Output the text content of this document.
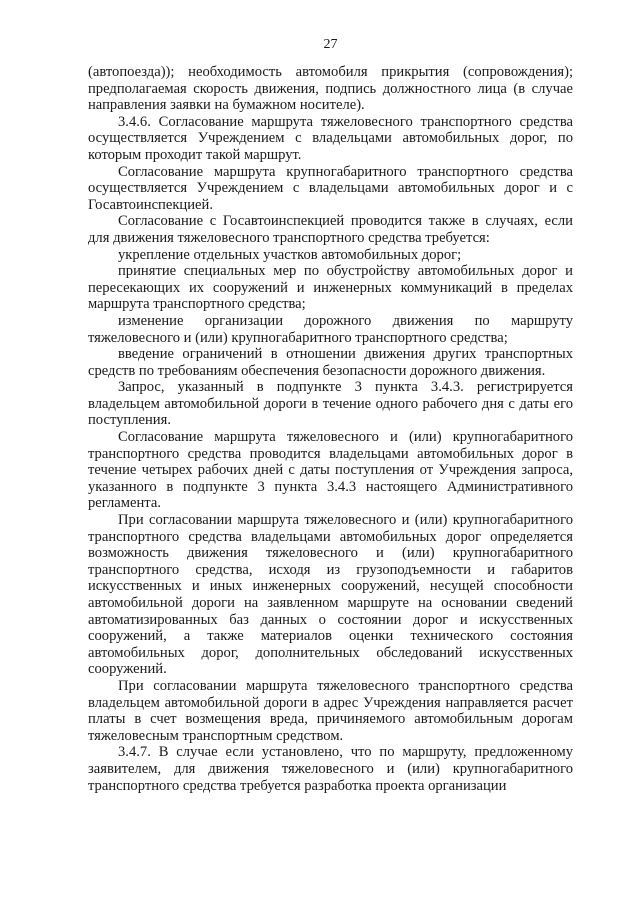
27

(автопоезда)); необходимость автомобиля прикрытия (сопровождения); предполагаемая скорость движения, подпись должностного лица (в случае направления заявки на бумажном носителе).

3.4.6. Согласование маршрута тяжеловесного транспортного средства осуществляется Учреждением с владельцами автомобильных дорог, по которым проходит такой маршрут.

Согласование маршрута крупногабаритного транспортного средства осуществляется Учреждением с владельцами автомобильных дорог и с Госавтоинспекцией.

Согласование с Госавтоинспекцией проводится также в случаях, если для движения тяжеловесного транспортного средства требуется:

укрепление отдельных участков автомобильных дорог;

принятие специальных мер по обустройству автомобильных дорог и пересекающих их сооружений и инженерных коммуникаций в пределах маршрута транспортного средства;

изменение организации дорожного движения по маршруту тяжеловесного и (или) крупногабаритного транспортного средства;

введение ограничений в отношении движения других транспортных средств по требованиям обеспечения безопасности дорожного движения.

Запрос, указанный в подпункте 3 пункта 3.4.3. регистрируется владельцем автомобильной дороги в течение одного рабочего дня с даты его поступления.

Согласование маршрута тяжеловесного и (или) крупногабаритного транспортного средства проводится владельцами автомобильных дорог в течение четырех рабочих дней с даты поступления от Учреждения запроса, указанного в подпункте 3 пункта 3.4.3 настоящего Административного регламента.

При согласовании маршрута тяжеловесного и (или) крупногабаритного транспортного средства владельцами автомобильных дорог определяется возможность движения тяжеловесного и (или) крупногабаритного транспортного средства, исходя из грузоподъемности и габаритов искусственных и иных инженерных сооружений, несущей способности автомобильной дороги на заявленном маршруте на основании сведений автоматизированных баз данных о состоянии дорог и искусственных сооружений, а также материалов оценки технического состояния автомобильных дорог, дополнительных обследований искусственных сооружений.

При согласовании маршрута тяжеловесного транспортного средства владельцем автомобильной дороги в адрес Учреждения направляется расчет платы в счет возмещения вреда, причиняемого автомобильным дорогам тяжеловесным транспортным средством.

3.4.7. В случае если установлено, что по маршруту, предложенному заявителем, для движения тяжеловесного и (или) крупногабаритного транспортного средства требуется разработка проекта организации
